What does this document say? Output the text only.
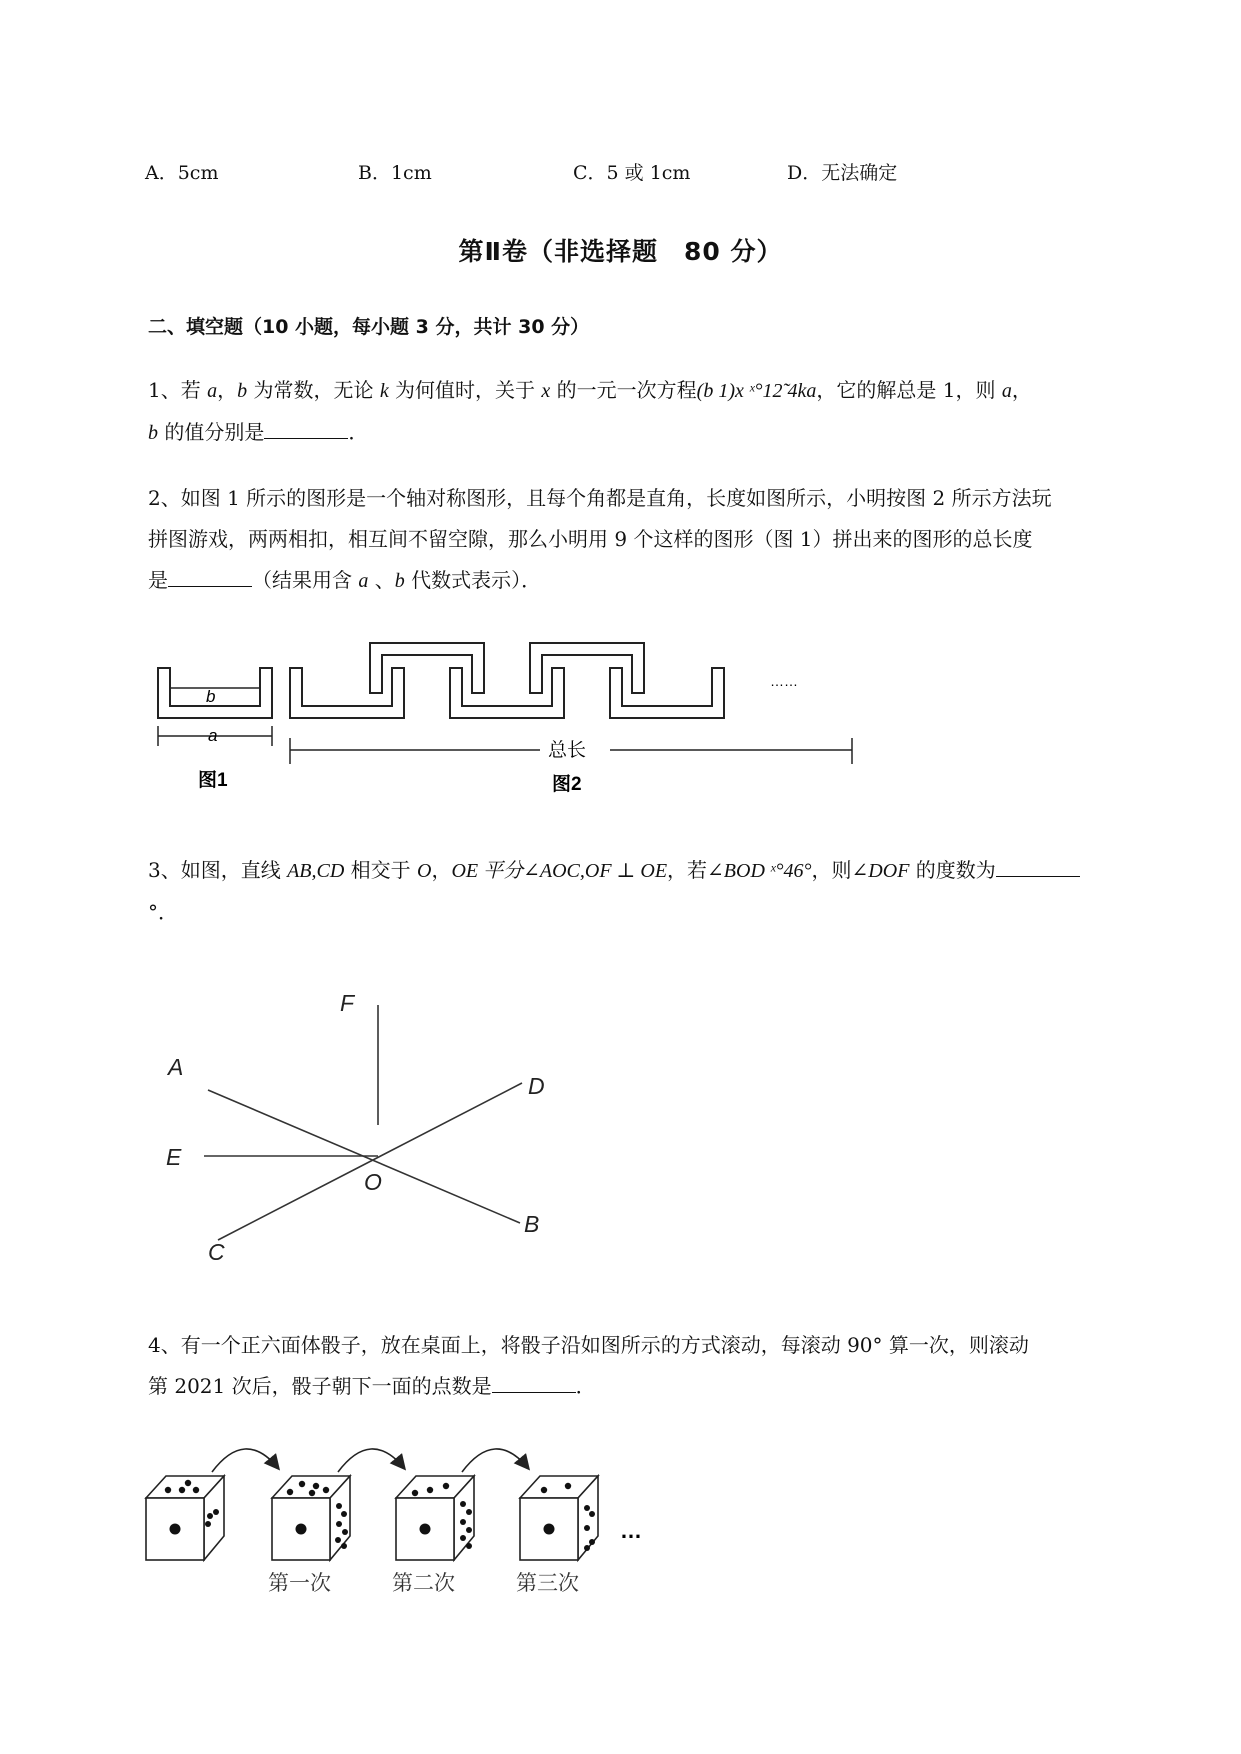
A．5cm	B．1cm	C．5 或 1cm	D．无法确定
第Ⅱ卷（非选择题　80 分）
二、填空题（10 小题，每小题 3 分，共计 30 分）
1、若 a，b 为常数，无论 k 为何值时，关于 x 的一元一次方程(b 1)x ˣ°12̃ 4ka，它的解总是 1，则 a，
b 的值分别是	．
2、如图 1 所示的图形是一个轴对称图形，且每个角都是直角，长度如图所示，小明按图 2 所示方法玩
拼图游戏，两两相扣，相互间不留空隙，那么小明用 9 个这样的图形（图 1）拼出来的图形的总长度
是	（结果用含 a 、b 代数式表示）．
b
a
图1
总长
图2
……
3、如图，直线 AB,CD 相交于 O，OE 平分∠AOC,OF ⊥ OE，若∠BOD ˣ°46°，则∠DOF 的度数为
°．
F
A
D
E
O
B
C
4、有一个正六面体骰子，放在桌面上，将骰子沿如图所示的方式滚动，每滚动 90° 算一次，则滚动
第 2021 次后，骰子朝下一面的点数是	．
…
第一次	第二次	第三次
